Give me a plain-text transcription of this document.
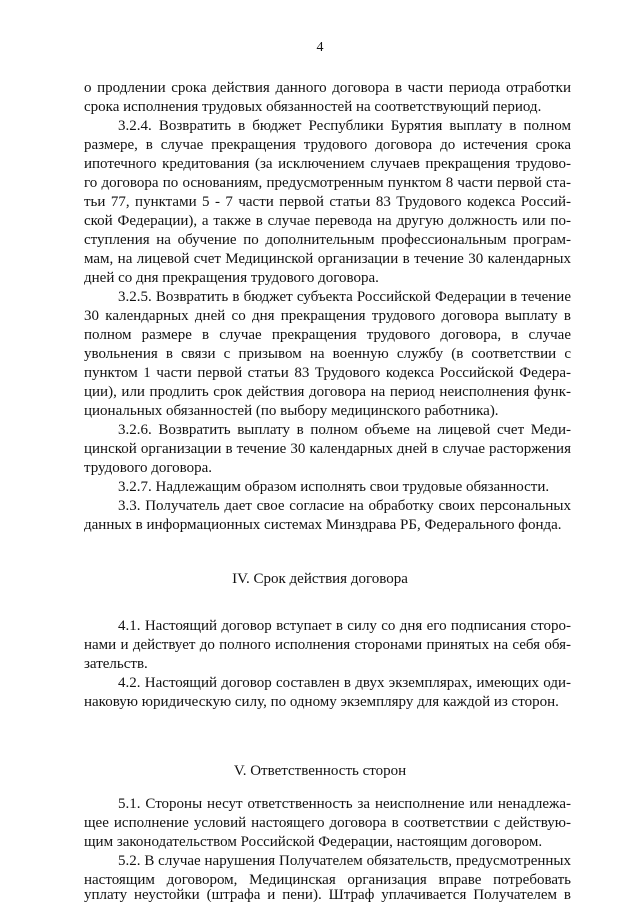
4
о продлении срока действия данного договора в части периода отработки
срока исполнения трудовых обязанностей на соответствующий период.
3.2.4. Возвратить в бюджет Республики Бурятия выплату в полном
размере, в случае прекращения трудового договора до истечения срока
ипотечного кредитования (за исключением случаев прекращения трудово-
го договора по основаниям, предусмотренным пунктом 8 части первой ста-
тьи 77, пунктами 5 - 7 части первой статьи 83 Трудового кодекса Россий-
ской Федерации), а также в случае перевода на другую должность или по-
ступления на обучение по дополнительным профессиональным програм-
мам, на лицевой счет Медицинской организации в течение 30 календарных
дней со дня прекращения трудового договора.
3.2.5. Возвратить в бюджет субъекта Российской Федерации в течение
30 календарных дней со дня прекращения трудового договора выплату в
полном размере в случае прекращения трудового договора, в случае
увольнения в связи с призывом на военную службу (в соответствии с
пунктом 1 части первой статьи 83 Трудового кодекса Российской Федера-
ции), или продлить срок действия договора на период неисполнения функ-
циональных обязанностей (по выбору медицинского работника).
3.2.6. Возвратить выплату в полном объеме на лицевой счет Меди-
цинской организации в течение 30 календарных дней в случае расторжения
трудового договора.
3.2.7. Надлежащим образом исполнять свои трудовые обязанности.
3.3. Получатель дает свое согласие на обработку своих персональных
данных в информационных системах Минздрава РБ, Федерального фонда.
IV. Срок действия договора
4.1. Настоящий договор вступает в силу со дня его подписания сторо-
нами и действует до полного исполнения сторонами принятых на себя обя-
зательств.
4.2. Настоящий договор составлен в двух экземплярах, имеющих оди-
наковую юридическую силу, по одному экземпляру для каждой из сторон.
V. Ответственность сторон
5.1. Стороны несут ответственность за неисполнение или ненадлежа-
щее исполнение условий настоящего договора в соответствии с действую-
щим законодательством Российской Федерации, настоящим договором.
5.2. В случае нарушения Получателем обязательств, предусмотренных
настоящим договором, Медицинская организация вправе потребовать
уплату неустойки (штрафа и пени). Штраф уплачивается Получателем в
